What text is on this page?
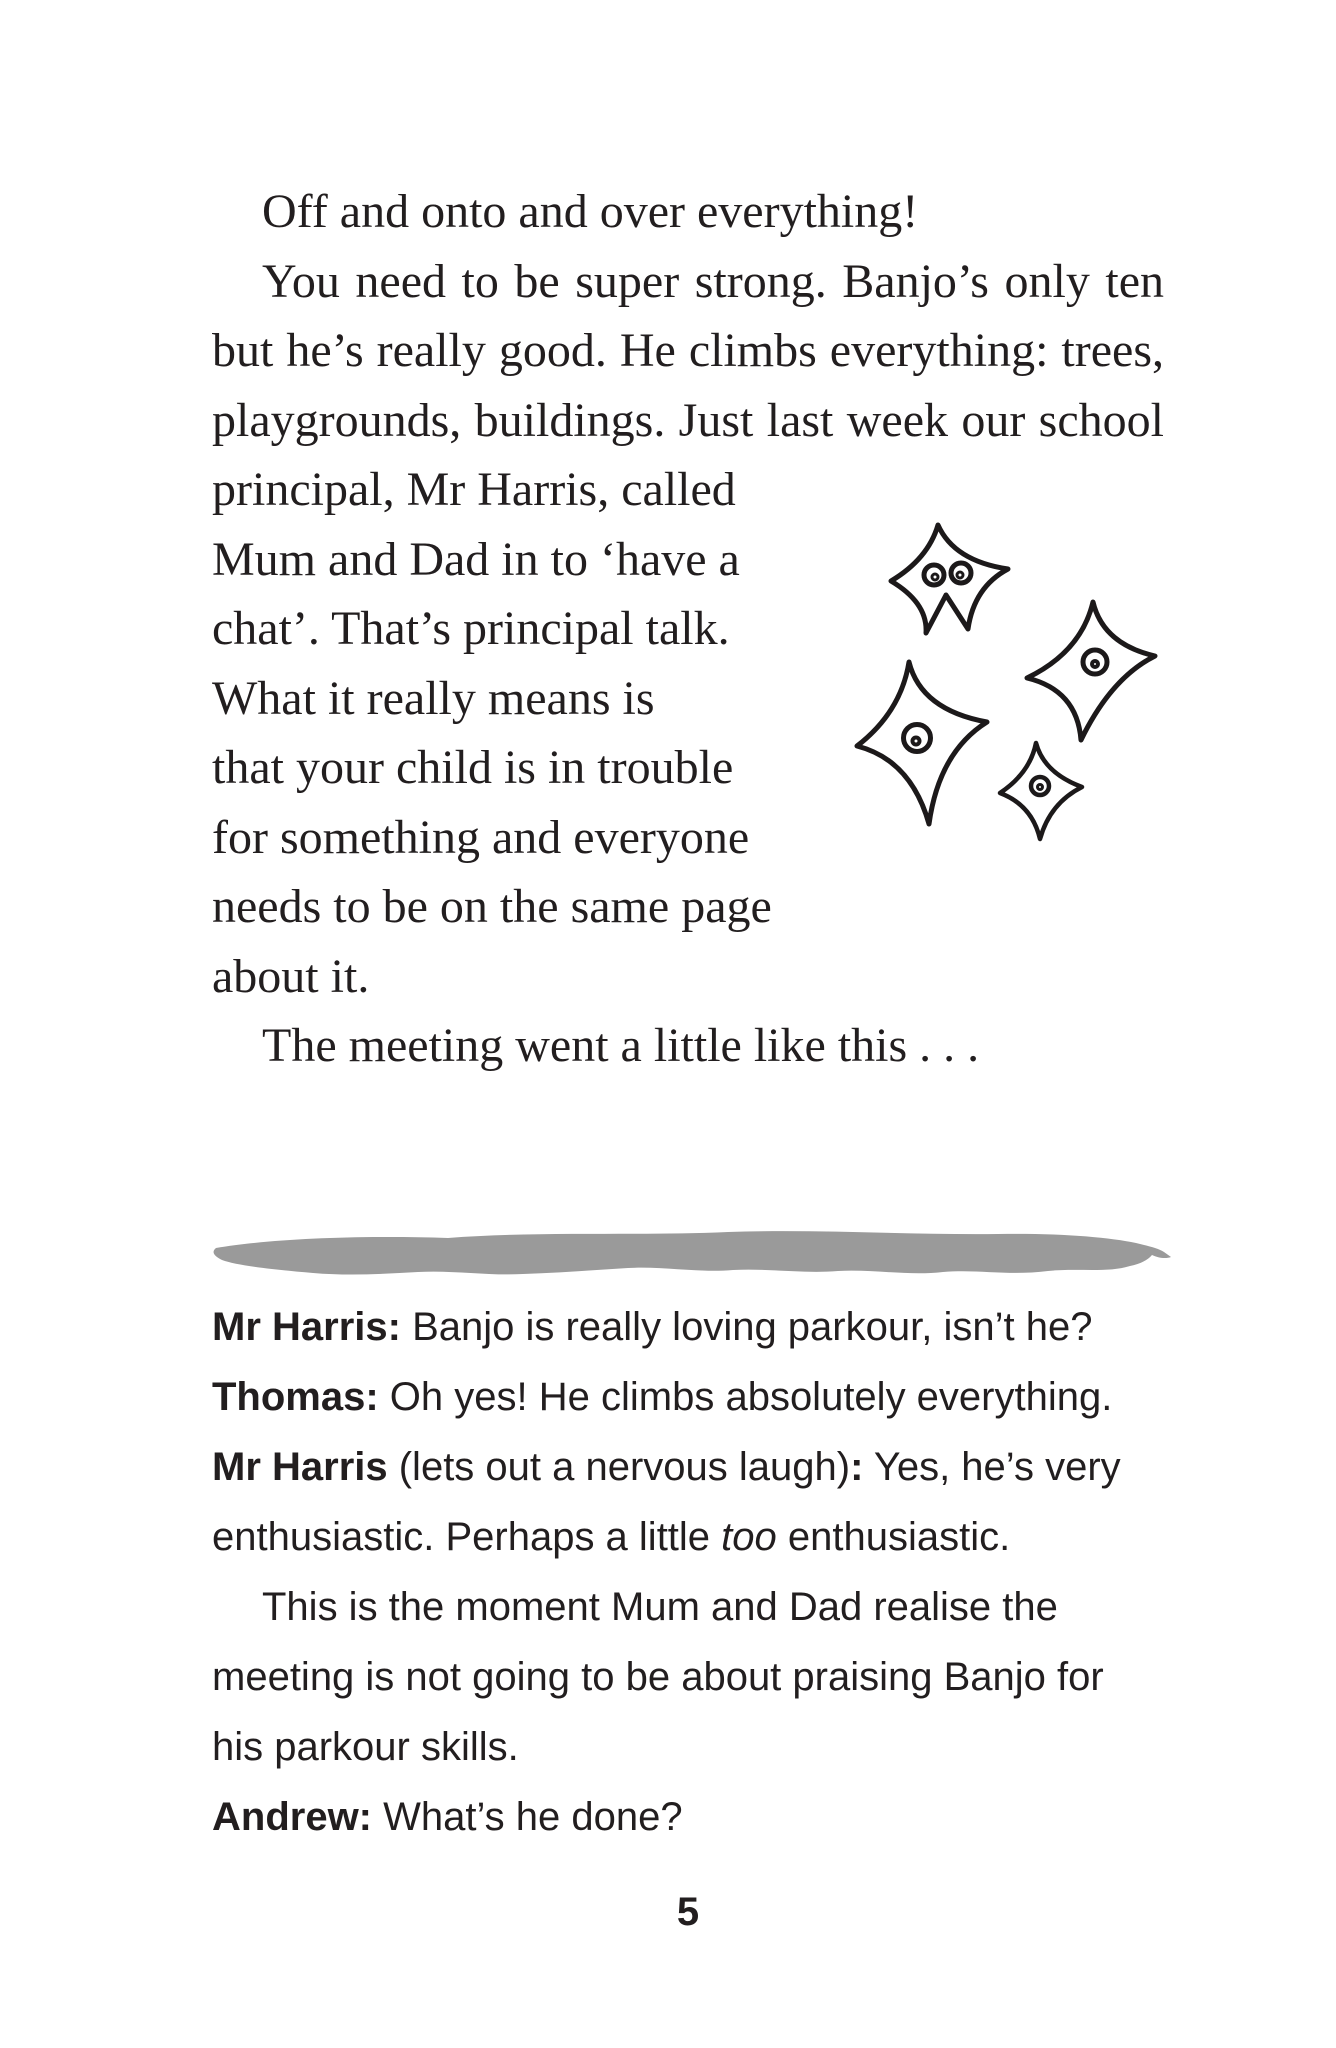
Off and onto and over everything!
You need to be super strong. Banjo’s only ten
but he’s really good. He climbs everything: trees,
playgrounds, buildings. Just last week our school
principal, Mr Harris, called
Mum and Dad in to ‘have a
chat’. That’s principal talk.
What it really means is
that your child is in trouble
for something and everyone
needs to be on the same page
about it.
The meeting went a little like this . . .
Mr Harris: Banjo is really loving parkour, isn’t he?
Thomas: Oh yes! He climbs absolutely everything.
Mr Harris (lets out a nervous laugh): Yes, he’s very
enthusiastic. Perhaps a little too enthusiastic.
This is the moment Mum and Dad realise the
meeting is not going to be about praising Banjo for
his parkour skills.
Andrew: What’s he done?
5
